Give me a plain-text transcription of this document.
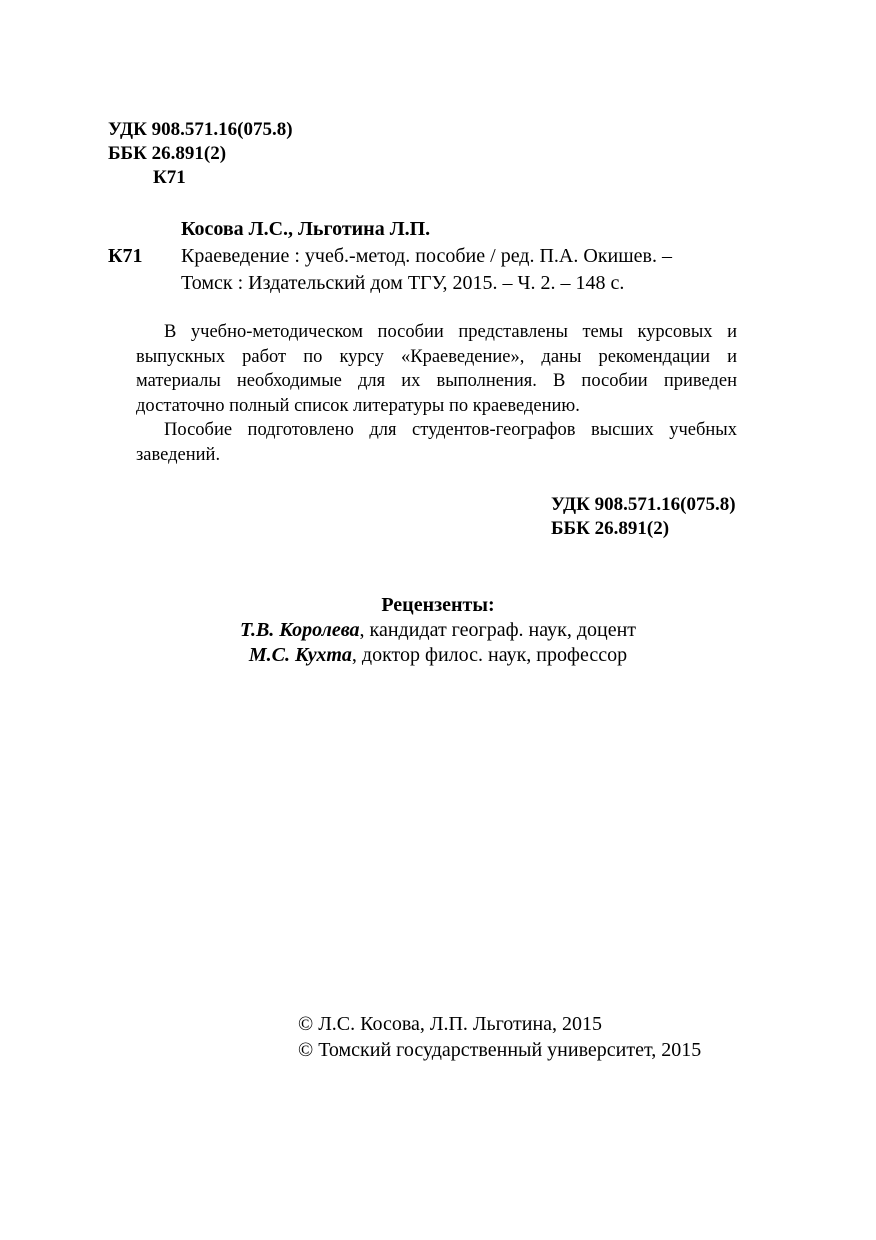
УДК 908.571.16(075.8)
ББК 26.891(2)
К71
Косова Л.С., Льготина Л.П.
К71 Краеведение : учеб.-метод. пособие / ред. П.А. Окишев. –
Томск : Издательский дом ТГУ, 2015. – Ч. 2. – 148 с.

В учебно-методическом пособии представлены темы курсовых и выпускных работ по курсу «Краеведение», даны рекомендации и материалы необходимые для их выполнения. В пособии приведен достаточно полный список литературы по краеведению.

Пособие подготовлено для студентов-географов высших учебных заведений.

УДК 908.571.16(075.8)
ББК 26.891(2)
Рецензенты:
Т.В. Королева, кандидат географ. наук, доцент
М.С. Кухта, доктор филос. наук, профессор
© Л.С. Косова, Л.П. Льготина, 2015
© Томский государственный университет, 2015
